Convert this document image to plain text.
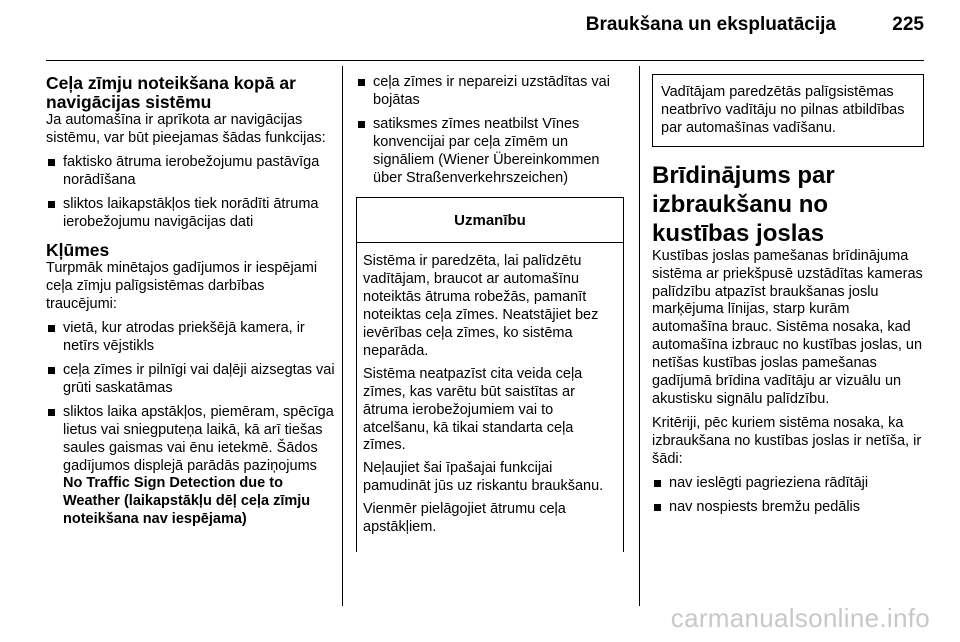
Braukšana un ekspluatācija	225
Ceļa zīmju noteikšana kopā ar navigācijas sistēmu

Ja automašīna ir aprīkota ar navigācijas sistēmu, var būt pieejamas šādas funkcijas:

faktisko ātruma ierobežojumu pastāvīga norādīšana
sliktos laikapstākļos tiek norādīti ātruma ierobežojumu navigācijas dati
Kļūmes

Turpmāk minētajos gadījumos ir iespējami ceļa zīmju palīgsistēmas darbības traucējumi:

vietā, kur atrodas priekšējā kamera, ir netīrs vējstikls
ceļa zīmes ir pilnīgi vai daļēji aizsegtas vai grūti saskatāmas
sliktos laika apstākļos, piemēram, spēcīga lietus vai sniegputeņa laikā, kā arī tiešas saules gaismas vai ēnu ietekmē. Šādos gadījumos displejā parādās paziņojums No Traffic Sign Detection due to Weather (laikapstākļu dēļ ceļa zīmju noteikšana nav iespējama)
ceļa zīmes ir nepareizi uzstādītas vai bojātas
satiksmes zīmes neatbilst Vīnes konvencijai par ceļa zīmēm un signāliem (Wiener Übereinkommen über Straßenverkehrszeichen)
Uzmanību

Sistēma ir paredzēta, lai palīdzētu vadītājam, braucot ar automašīnu noteiktās ātruma robežās, pamanīt noteiktas ceļa zīmes. Neatstājiet bez ievērības ceļa zīmes, ko sistēma neparāda.

Sistēma neatpazīst cita veida ceļa zīmes, kas varētu būt saistītas ar ātruma ierobežojumiem vai to atcelšanu, kā tikai standarta ceļa zīmes.

Neļaujiet šai īpašajai funkcijai pamudināt jūs uz riskantu braukšanu.

Vienmēr pielāgojiet ātrumu ceļa apstākļiem.

Vadītājam paredzētās palīgsistēmas neatbrīvo vadītāju no pilnas atbildības par automašīnas vadīšanu.
Brīdinājums par izbraukšanu no kustības joslas

Kustības joslas pamešanas brīdinājuma sistēma ar priekšpusē uzstādītas kameras palīdzību atpazīst braukšanas joslu marķējuma līnijas, starp kurām automašīna brauc. Sistēma nosaka, kad automašīna izbrauc no kustības joslas, un netīšas kustības joslas pamešanas gadījumā brīdina vadītāju ar vizuālu un akustisku signālu palīdzību.

Kritēriji, pēc kuriem sistēma nosaka, ka izbraukšana no kustības joslas ir netīša, ir šādi:

nav ieslēgti pagrieziena rādītāji
nav nospiests bremžu pedālis
carmanualsonline.info
